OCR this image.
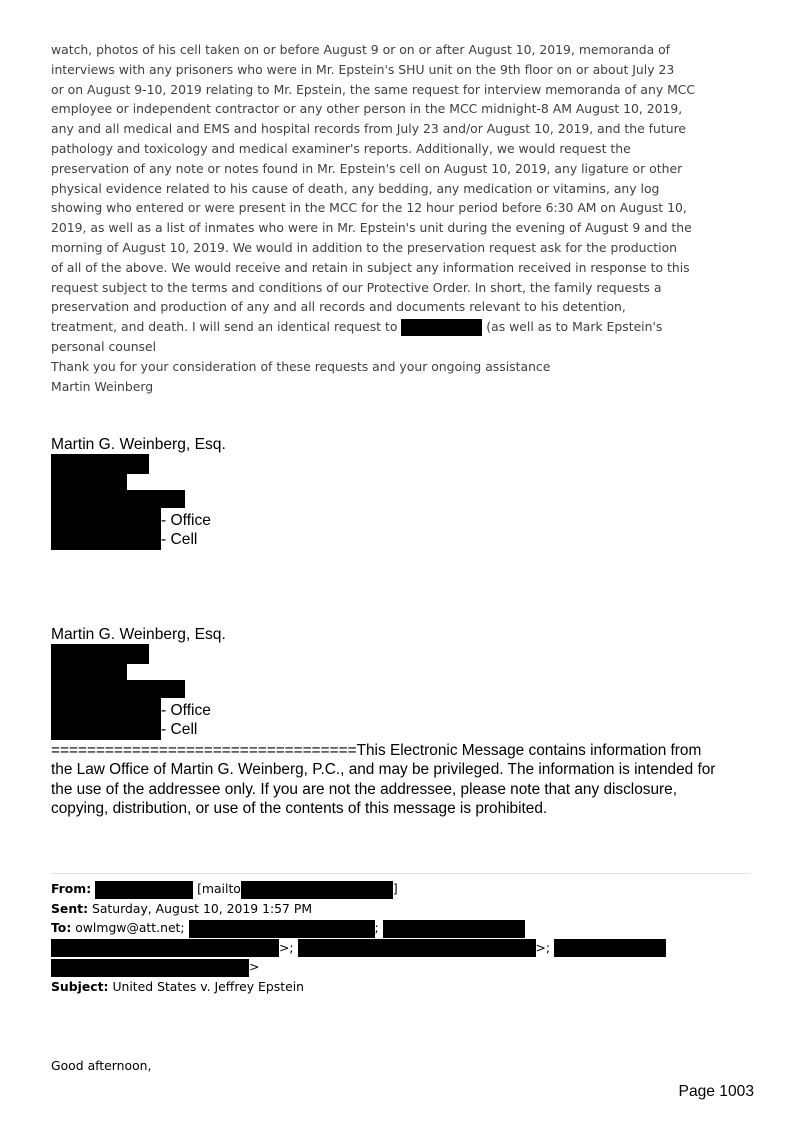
watch, photos of his cell taken on or before August 9 or on or after August 10, 2019, memoranda of

interviews with any prisoners who were in Mr. Epstein's SHU unit on the 9th floor on or about July 23

or on August 9-10, 2019 relating to Mr. Epstein, the same request for interview memoranda of any MCC

employee or independent contractor or any other person in the MCC midnight-8 AM August 10, 2019,

any and all medical and EMS and hospital records from July 23 and/or August 10, 2019, and the future

pathology and toxicology and medical examiner's reports. Additionally, we would request the

preservation of any note or notes found in Mr. Epstein's cell on August 10, 2019, any ligature or other

physical evidence related to his cause of death, any bedding, any medication or vitamins, any log

showing who entered or were present in the MCC for the 12 hour period before 6:30 AM on August 10,

2019, as well as a list of inmates who were in Mr. Epstein's unit during the evening of August 9 and the

morning of August 10, 2019. We would in addition to the preservation request ask for the production

of all of the above. We would receive and retain in subject any information received in response to this

request subject to the terms and conditions of our Protective Order. In short, the family requests a

preservation and production of any and all records and documents relevant to his detention,

treatment, and death. I will send an identical request to	(as well as to Mark Epstein's

personal counsel

Thank you for your consideration of these requests and your ongoing assistance

Martin Weinberg

Martin G. Weinberg, Esq.
- Office
- Cell
Martin G. Weinberg, Esq.
- Office
- Cell

==================================This Electronic Message contains information from

the Law Office of Martin G. Weinberg, P.C., and may be privileged. The information is intended for

the use of the addressee only. If you are not the addressee, please note that any disclosure,

copying, distribution, or use of the contents of this message is prohibited.

From:	[mailto	]

Sent: Saturday, August 10, 2019 1:57 PM

To: owlmgw@att.net;	;

>;	>;

>

Subject: United States v. Jeffrey Epstein

Good afternoon,
Page 1003
